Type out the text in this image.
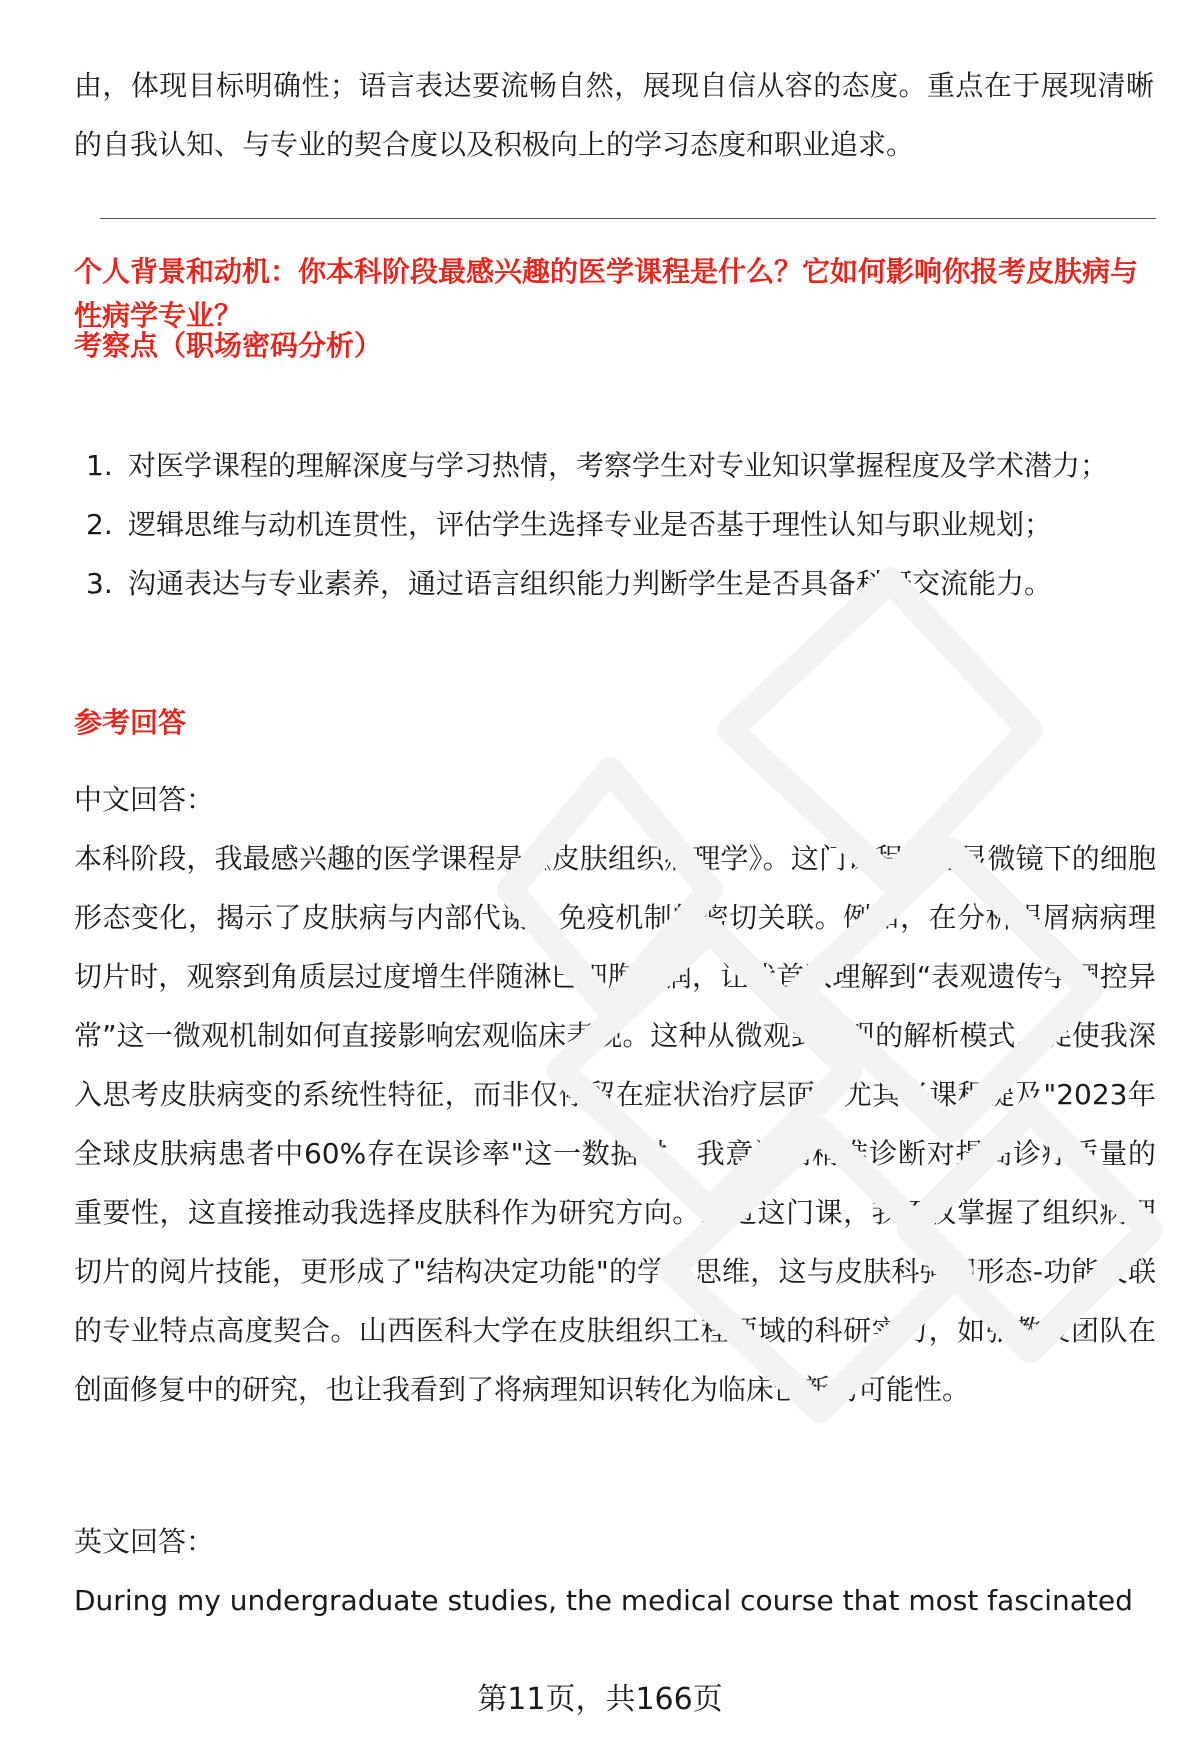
由，体现目标明确性；语言表达要流畅自然，展现自信从容的态度。重点在于展现清晰的自我认知、与专业的契合度以及积极向上的学习态度和职业追求。

个人背景和动机：你本科阶段最感兴趣的医学课程是什么？它如何影响你报考皮肤病与性病学专业？

考察点（职场密码分析）

1. 对医学课程的理解深度与学习热情，考察学生对专业知识掌握程度及学术潜力；
2. 逻辑思维与动机连贯性，评估学生选择专业是否基于理性认知与职业规划；
3. 沟通表达与专业素养，通过语言组织能力判断学生是否具备科研交流能力。

参考回答

中文回答：

本科阶段，我最感兴趣的医学课程是《皮肤组织病理学》。这门课程通过显微镜下的细胞形态变化，揭示了皮肤病与内部代谢、免疫机制的密切关联。例如，在分析银屑病病理切片时，观察到角质层过度增生伴随淋巴细胞浸润，让我首次理解到“表观遗传学调控异常”这一微观机制如何直接影响宏观临床表现。这种从微观到宏观的解析模式，促使我深入思考皮肤病变的系统性特征，而非仅停留在症状治疗层面。尤其当课程提及"2023年全球皮肤病患者中60%存在误诊率"这一数据时，我意识到精准诊断对提高诊疗质量的重要性，这直接推动我选择皮肤科作为研究方向。通过这门课，我不仅掌握了组织病理切片的阅片技能，更形成了"结构决定功能"的学科思维，这与皮肤科强调形态-功能关联的专业特点高度契合。山西医科大学在皮肤组织工程领域的科研实力，如张教授团队在创面修复中的研究，也让我看到了将病理知识转化为临床创新的可能性。

英文回答：

During my undergraduate studies, the medical course that most fascinated

第11页，共166页
